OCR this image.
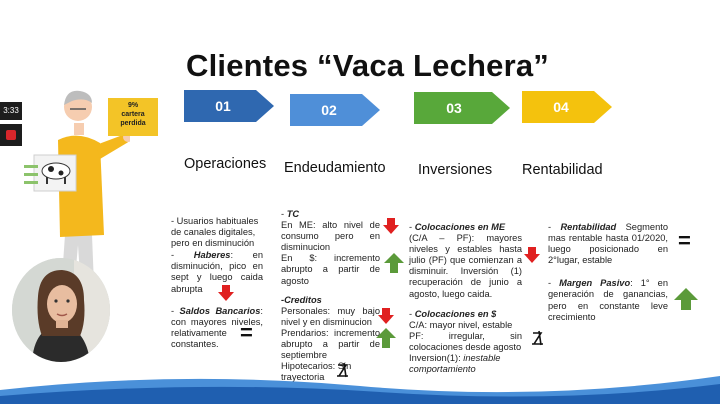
Clientes “Vaca Lechera”
3:33
9%
cartera
perdida
01	02	03	04
Operaciones Endeudamiento Inversiones Rentabilidad

- Usuarios habituales de canales digitales, pero en disminución

- Haberes: en disminución, pico en sept y luego caida abrupta

- Saldos Bancarios: con mayores niveles, relativamente constantes. =

- TC

En ME: alto nivel de consumo pero en disminucion

En $: incremento abrupto a partir de agosto

-Creditos

Personales: muy bajo nivel y en disminucion

Prendarios: incremento abrupto a partir de septiembre

Hipotecarios: Sin trayectoria

- Colocaciones en ME

(C/A – PF): mayores niveles y estables hasta julio (PF) que comienzan a disminuir. Inversión (1) recuperación de junio a agosto, luego caida.

- Colocaciones en $

C/A: mayor nivel, estable

PF: irregular, sin colocaciones desde agosto

Inversion(1): inestable comportamiento

- Rentabilidad Segmento mas rentable hasta 01/2020, luego posicionado en 2°lugar, estable

- Margen Pasivo: 1° en generación de ganancias, pero en constante leve crecimiento

=
